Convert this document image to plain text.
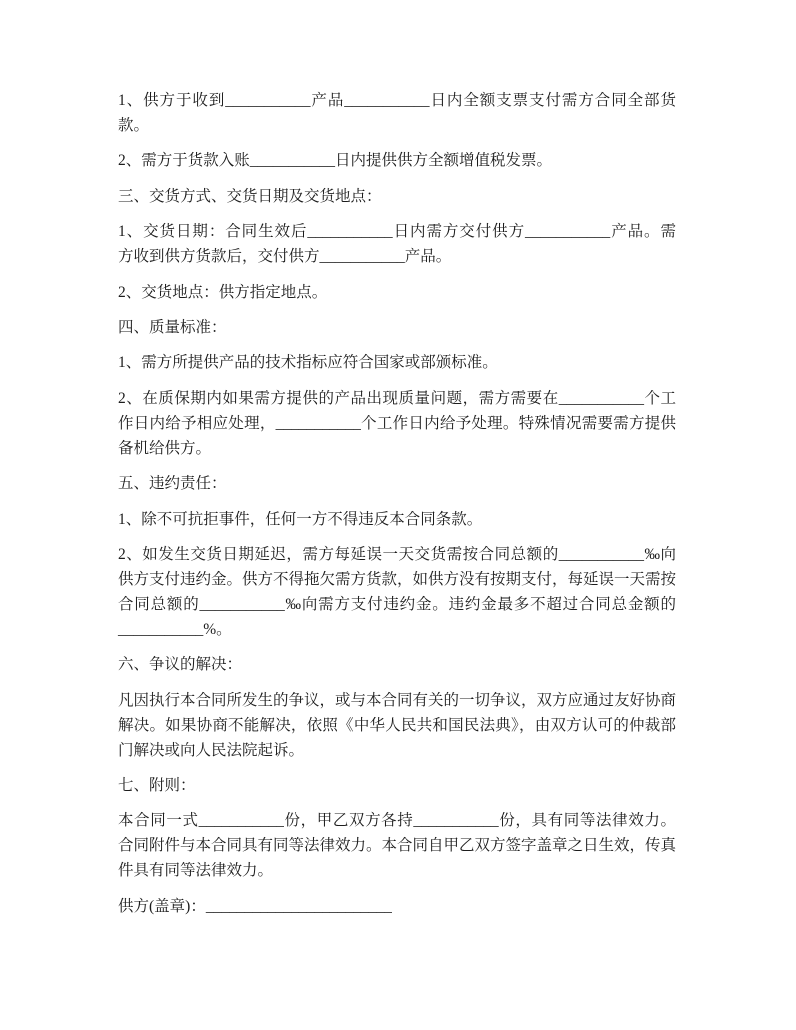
1、供方于收到___________产品___________日内全额支票支付需方合同全部货
款。
2、需方于货款入账___________日内提供供方全额增值税发票。
三、交货方式、交货日期及交货地点：
1、交货日期：合同生效后___________日内需方交付供方___________产品。需
方收到供方货款后，交付供方___________产品。
2、交货地点：供方指定地点。
四、质量标准：
1、需方所提供产品的技术指标应符合国家或部颁标准。
2、在质保期内如果需方提供的产品出现质量问题，需方需要在___________个工
作日内给予相应处理，___________个工作日内给予处理。特殊情况需要需方提供
备机给供方。
五、违约责任：
1、除不可抗拒事件，任何一方不得违反本合同条款。
2、如发生交货日期延迟，需方每延误一天交货需按合同总额的___________‰向
供方支付违约金。供方不得拖欠需方货款，如供方没有按期支付，每延误一天需按
合同总额的___________‰向需方支付违约金。违约金最多不超过合同总金额的
___________%。
六、争议的解决：
凡因执行本合同所发生的争议，或与本合同有关的一切争议，双方应通过友好协商
解决。如果协商不能解决，依照《中华人民共和国民法典》，由双方认可的仲裁部
门解决或向人民法院起诉。
七、附则：
本合同一式___________份，甲乙双方各持___________份，具有同等法律效力。
合同附件与本合同具有同等法律效力。本合同自甲乙双方签字盖章之日生效，传真
件具有同等法律效力。
供方(盖章)：________________________
